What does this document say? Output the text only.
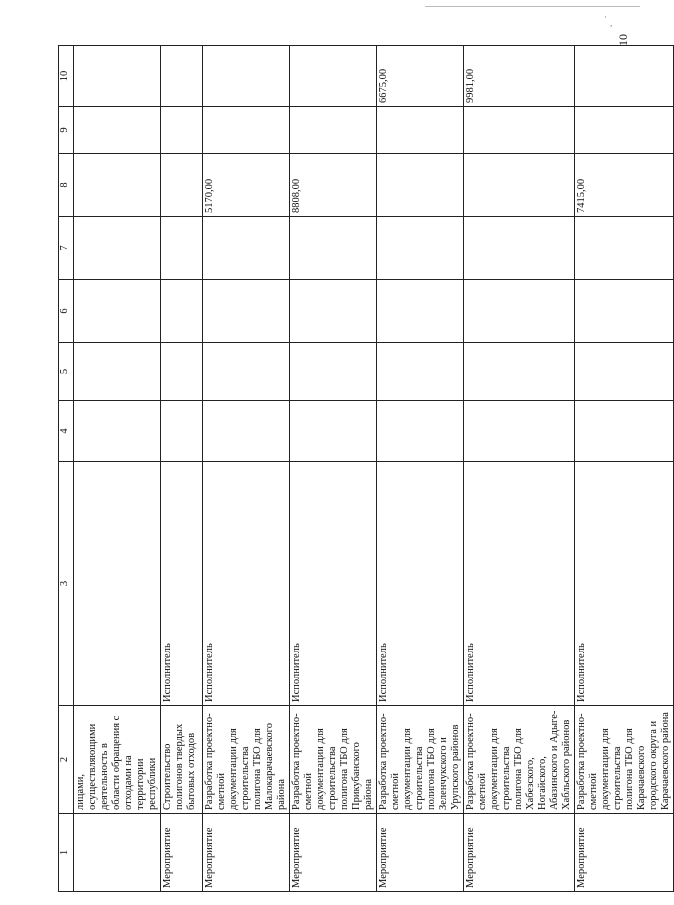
·
,
10
1	2	3	4	5	6	7	8	9	10
	лицами, осуществляющими деятельность в области обращения с отходами на территории республики								
Мероприятие	Строительство полигонов твердых бытовых отходов	Исполнитель							
Мероприятие	Разработка проектно-сметной документации для строительства полигона ТБО для Малокарачаевского района	Исполнитель					5170,00		
Мероприятие	Разработка проектно-сметной документации для строительства полигона ТБО для Прикубанского района	Исполнитель					8808,00		
Мероприятие	Разработка проектно-сметной документации для строительства полигона ТБО для Зеленчукского и Урупского районов	Исполнитель							6675,00
Мероприятие	Разработка проектно-сметной документации для строительства полигона ТБО для Хабезского, Ногайского, Абазинского и Адыге-Хабльского районов	Исполнитель							9981,00
Мероприятие	Разработка проектно-сметной документации для строительства полигона ТБО для Карачаевского городского округа и Карачаевского района	Исполнитель					7415,00		
